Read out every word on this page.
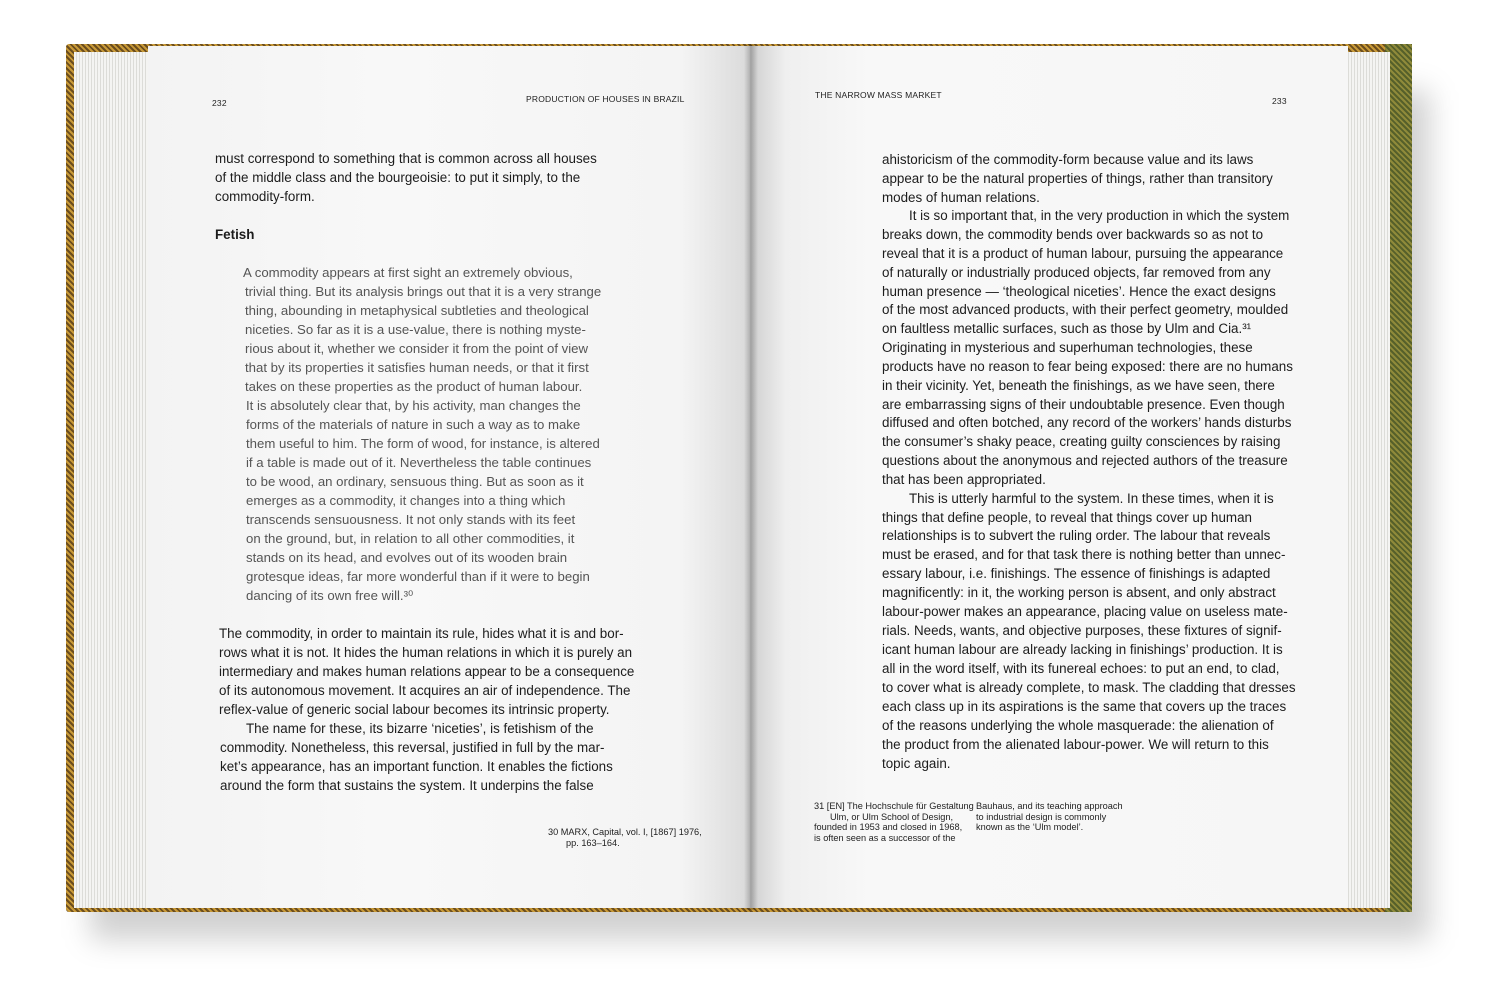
232	PRODUCTION OF HOUSES IN BRAZIL	THE NARROW MASS MARKET
233
must correspond to something that is common across all houses
of the middle class and the bourgeoisie: to put it simply, to the
commodity-form.
Fetish
A commodity appears at first sight an extremely obvious,
trivial thing. But its analysis brings out that it is a very strange
thing, abounding in metaphysical subtleties and theological
niceties. So far as it is a use-value, there is nothing myste-
rious about it, whether we consider it from the point of view
that by its properties it satisfies human needs, or that it first
takes on these properties as the product of human labour.
It is absolutely clear that, by his activity, man changes the
forms of the materials of nature in such a way as to make
them useful to him. The form of wood, for instance, is altered
if a table is made out of it. Nevertheless the table continues
to be wood, an ordinary, sensuous thing. But as soon as it
emerges as a commodity, it changes into a thing which
transcends sensuousness. It not only stands with its feet
on the ground, but, in relation to all other commodities, it
stands on its head, and evolves out of its wooden brain
grotesque ideas, far more wonderful than if it were to begin
dancing of its own free will.³⁰
The commodity, in order to maintain its rule, hides what it is and bor-
rows what it is not. It hides the human relations in which it is purely an
intermediary and makes human relations appear to be a consequence
of its autonomous movement. It acquires an air of independence. The
reflex-value of generic social labour becomes its intrinsic property.
The name for these, its bizarre ‘niceties’, is fetishism of the
commodity. Nonetheless, this reversal, justified in full by the mar-
ket’s appearance, has an important function. It enables the fictions
around the form that sustains the system. It underpins the false
30 MARX, Capital, vol. I, [1867] 1976,
pp. 163–164.
ahistoricism of the commodity-form because value and its laws
appear to be the natural properties of things, rather than transitory
modes of human relations.
It is so important that, in the very production in which the system
breaks down, the commodity bends over backwards so as not to
reveal that it is a product of human labour, pursuing the appearance
of naturally or industrially produced objects, far removed from any
human presence — ‘theological niceties’. Hence the exact designs
of the most advanced products, with their perfect geometry, moulded
on faultless metallic surfaces, such as those by Ulm and Cia.³¹
Originating in mysterious and superhuman technologies, these
products have no reason to fear being exposed: there are no humans
in their vicinity. Yet, beneath the finishings, as we have seen, there
are embarrassing signs of their undoubtable presence. Even though
diffused and often botched, any record of the workers’ hands disturbs
the consumer’s shaky peace, creating guilty consciences by raising
questions about the anonymous and rejected authors of the treasure
that has been appropriated.
This is utterly harmful to the system. In these times, when it is
things that define people, to reveal that things cover up human
relationships is to subvert the ruling order. The labour that reveals
must be erased, and for that task there is nothing better than unnec-
essary labour, i.e. finishings. The essence of finishings is adapted
magnificently: in it, the working person is absent, and only abstract
labour-power makes an appearance, placing value on useless mate-
rials. Needs, wants, and objective purposes, these fixtures of signif-
icant human labour are already lacking in finishings’ production. It is
all in the word itself, with its funereal echoes: to put an end, to clad,
to cover what is already complete, to mask. The cladding that dresses
each class up in its aspirations is the same that covers up the traces
of the reasons underlying the whole masquerade: the alienation of
the product from the alienated labour-power. We will return to this
topic again.
31 [EN] The Hochschule für Gestaltung
Ulm, or Ulm School of Design,
founded in 1953 and closed in 1968,
is often seen as a successor of the
Bauhaus, and its teaching approach
to industrial design is commonly
known as the ‘Ulm model’.
